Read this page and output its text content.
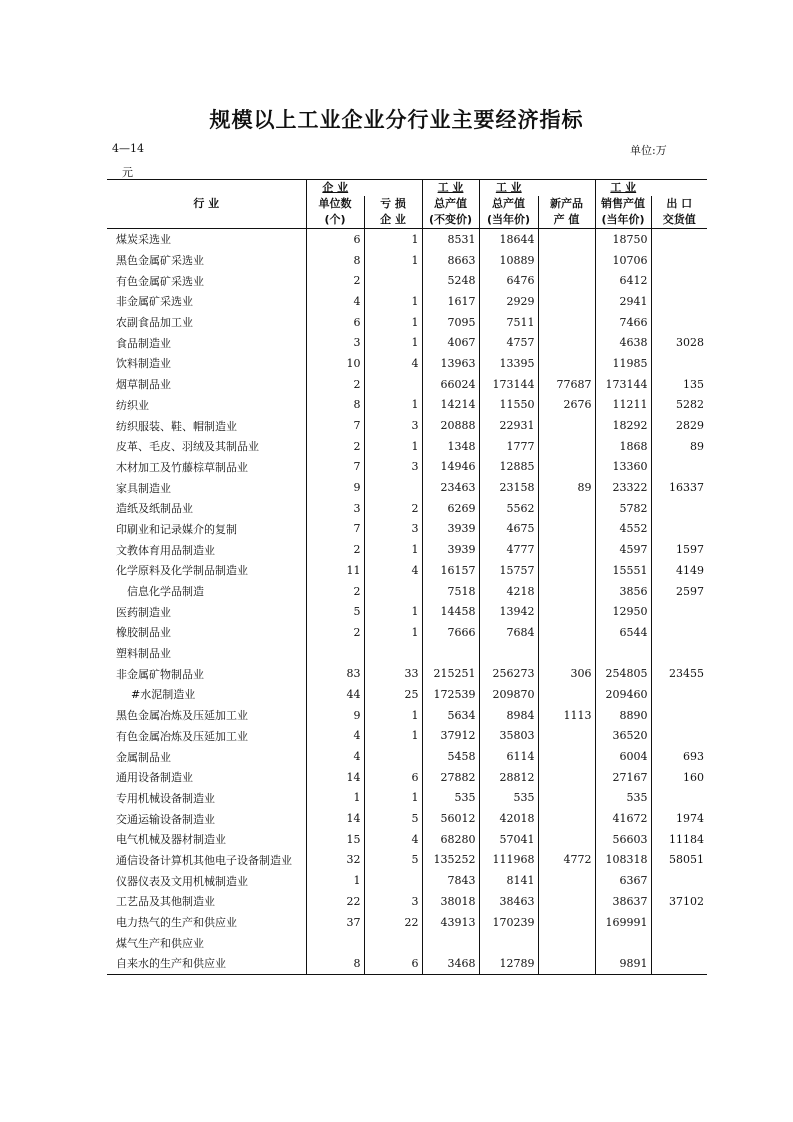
规模以上工业企业分行业主要经济指标
4—14	单位:万
元
	企 业		工 业	工 业		工 业	
行 业	单位数	亏 损	总产值	总产值	新产品	销售产值	出 口
	(个)	企 业	(不变价)	(当年价)	产 值	(当年价)	交货值
煤炭采选业	6	1	8531	18644		18750	
黑色金属矿采选业	8	1	8663	10889		10706	
有色金属矿采选业	2		5248	6476		6412	
非金属矿采选业	4	1	1617	2929		2941	
农副食品加工业	6	1	7095	7511		7466	
食品制造业	3	1	4067	4757		4638	3028
饮料制造业	10	4	13963	13395		11985	
烟草制品业	2		66024	173144	77687	173144	135
纺织业	8	1	14214	11550	2676	11211	5282
纺织服装、鞋、帽制造业	7	3	20888	22931		18292	2829
皮革、毛皮、羽绒及其制品业	2	1	1348	1777		1868	89
木材加工及竹藤棕草制品业	7	3	14946	12885		13360	
家具制造业	9		23463	23158	89	23322	16337
造纸及纸制品业	3	2	6269	5562		5782	
印刷业和记录媒介的复制	7	3	3939	4675		4552	
文教体育用品制造业	2	1	3939	4777		4597	1597
化学原料及化学制品制造业	11	4	16157	15757		15551	4149
信息化学品制造	2		7518	4218		3856	2597
医药制造业	5	1	14458	13942		12950	
橡胶制品业	2	1	7666	7684		6544	
塑料制品业							
非金属矿物制品业	83	33	215251	256273	306	254805	23455
#水泥制造业	44	25	172539	209870		209460	
黑色金属冶炼及压延加工业	9	1	5634	8984	1113	8890	
有色金属冶炼及压延加工业	4	1	37912	35803		36520	
金属制品业	4		5458	6114		6004	693
通用设备制造业	14	6	27882	28812		27167	160
专用机械设备制造业	1	1	535	535		535	
交通运输设备制造业	14	5	56012	42018		41672	1974
电气机械及器材制造业	15	4	68280	57041		56603	11184
通信设备计算机其他电子设备制造业	32	5	135252	111968	4772	108318	58051
仪器仪表及文用机械制造业	1		7843	8141		6367	
工艺品及其他制造业	22	3	38018	38463		38637	37102
电力热气的生产和供应业	37	22	43913	170239		169991	
煤气生产和供应业							
自来水的生产和供应业	8	6	3468	12789		9891	
